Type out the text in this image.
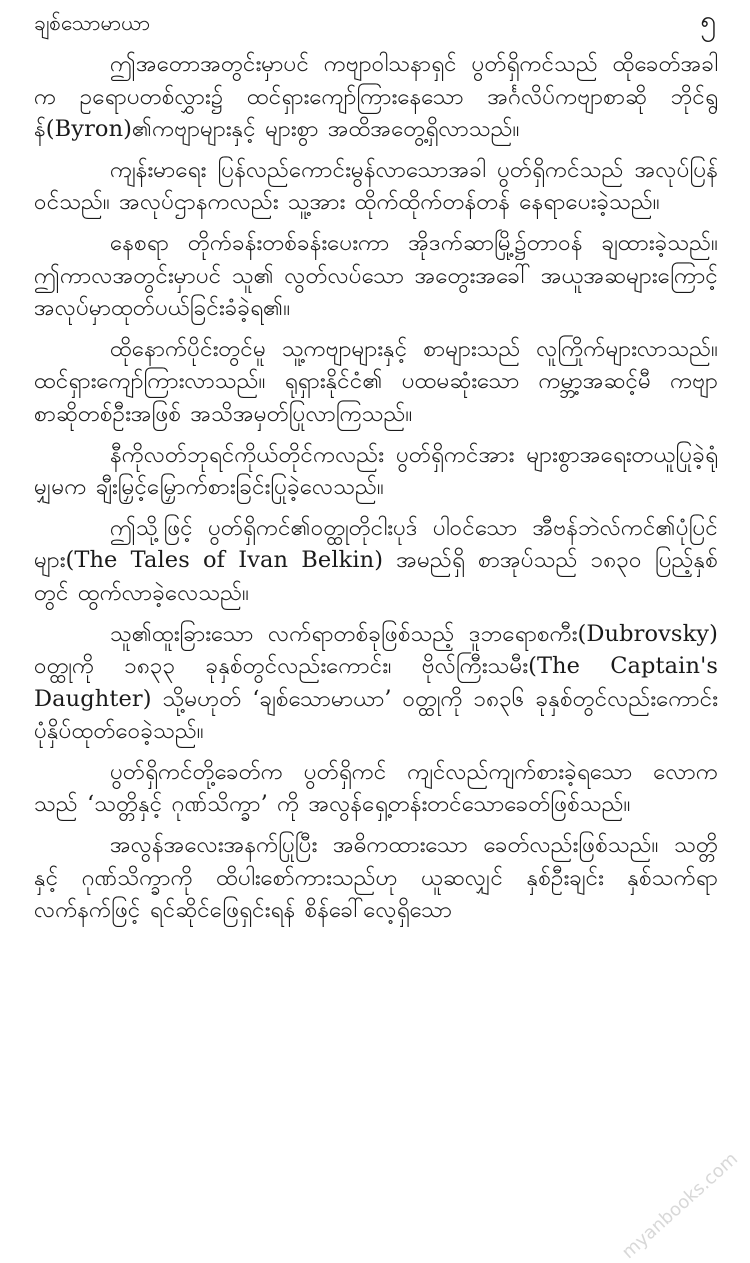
ချစ်သောမာယာ	၅

ဤအတောအတွင်းမှာပင် ကဗျာဝါသနာရှင် ပွတ်ရှိကင်သည် ထိုခေတ်အခါက ဥရောပတစ်လွှား၌ ထင်ရှားကျော်ကြားနေသော အင်္ဂလိပ်ကဗျာစာဆို ဘိုင်ရွန်(Byron)၏ကဗျာများနှင့် များစွာ အထိအတွေ့ရှိလာသည်။

ကျန်းမာရေး ပြန်လည်ကောင်းမွန်လာသောအခါ ပွတ်ရှိကင်သည် အလုပ်ပြန်ဝင်သည်။ အလုပ်ဌာနကလည်း သူ့အား ထိုက်ထိုက်တန်တန် နေရာပေးခဲ့သည်။

နေစရာ တိုက်ခန်းတစ်ခန်းပေးကာ အိုဒက်ဆာမြို့၌တာဝန် ချထားခဲ့သည်။ ဤကာလအတွင်းမှာပင် သူ၏ လွတ်လပ်သော အတွေးအခေါ် အယူအဆများကြောင့် အလုပ်မှာထုတ်ပယ်ခြင်းခံခဲ့ရ၏။

ထိုနောက်ပိုင်းတွင်မူ သူ့ကဗျာများနှင့် စာများသည် လူကြိုက်များလာသည်။ ထင်ရှားကျော်ကြားလာသည်။ ရုရှားနိုင်ငံ၏ ပထမဆုံးသော ကမ္ဘာ့အဆင့်မီ ကဗျာစာဆိုတစ်ဦးအဖြစ် အသိအမှတ်ပြုလာကြသည်။

နီကိုလတ်ဘုရင်ကိုယ်တိုင်ကလည်း ပွတ်ရှိကင်အား များစွာအရေးတယူပြုခဲ့ရုံမျှမက ချီးမြှင့်မြှောက်စားခြင်းပြုခဲ့လေသည်။

ဤသို့ဖြင့် ပွတ်ရှိကင်၏ဝတ္ထုတိုငါးပုဒ် ပါဝင်သော အီဗန်ဘဲလ်ကင်၏ပုံပြင်များ(The Tales of Ivan Belkin) အမည်ရှိ စာအုပ်သည် ၁၈၃၀ ပြည့်နှစ်တွင် ထွက်လာခဲ့လေသည်။

သူ၏ထူးခြားသော လက်ရာတစ်ခုဖြစ်သည့် ဒူဘရောစကီး(Dubrovsky) ဝတ္ထုကို ၁၈၃၃ ခုနှစ်တွင်လည်းကောင်း၊ ဗိုလ်ကြီးသမီး(The Captain's Daughter) သို့မဟုတ် ‘ချစ်သောမာယာ’ ဝတ္ထုကို ၁၈၃၆ ခုနှစ်တွင်လည်းကောင်း ပုံနှိပ်ထုတ်ဝေခဲ့သည်။

ပွတ်ရှိကင်တို့ခေတ်က ပွတ်ရှိကင် ကျင်လည်ကျက်စားခဲ့ရသော လောကသည် ‘သတ္တိနှင့် ဂုဏ်သိက္ခာ’ ကို အလွန်ရှေ့တန်းတင်သောခေတ်ဖြစ်သည်။

အလွန်အလေးအနက်ပြုပြီး အဓိကထားသော ခေတ်လည်းဖြစ်သည်။ သတ္တိနှင့် ဂုဏ်သိက္ခာကို ထိပါးစော်ကားသည်ဟု ယူဆလျှင် နှစ်ဦးချင်း နှစ်သက်ရာလက်နက်ဖြင့် ရင်ဆိုင်ဖြေရှင်းရန် စိန်ခေါ်လေ့ရှိသော

myanbooks.com
